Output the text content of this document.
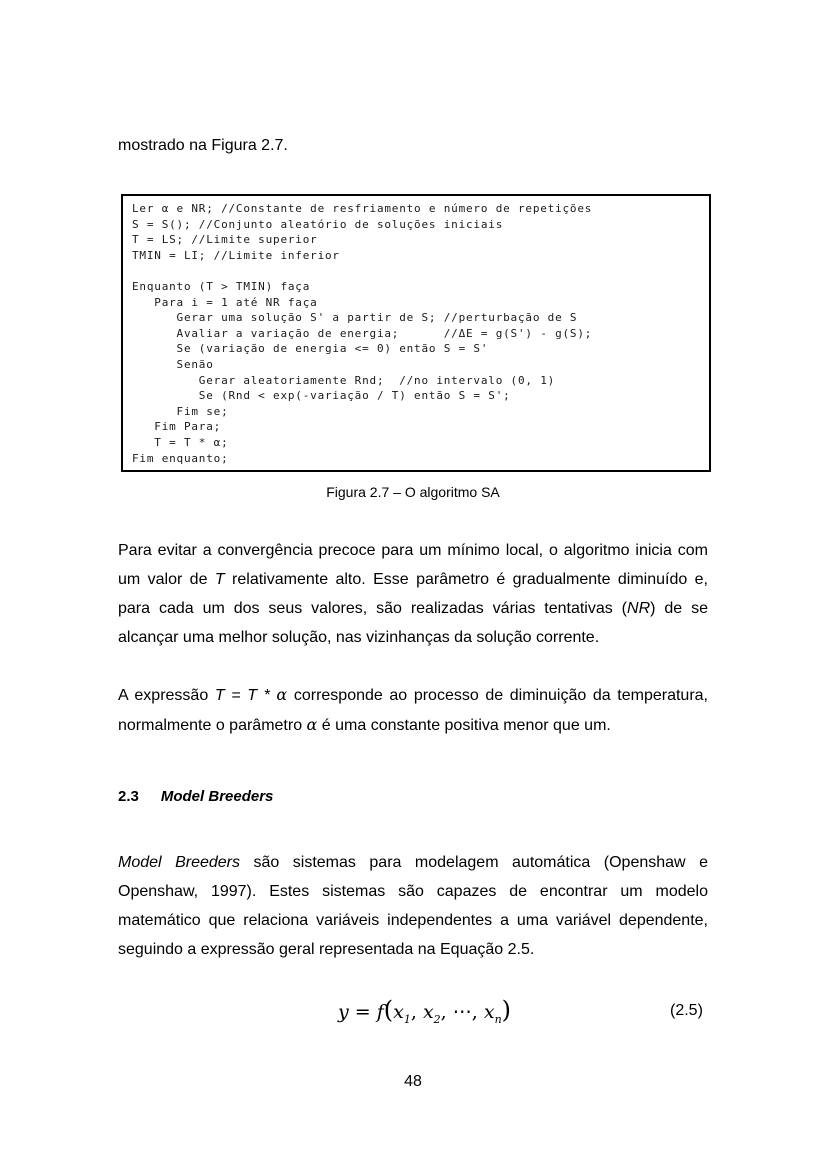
mostrado na Figura 2.7.
Ler α e NR; //Constante de resfriamento e número de repetições
S = S(); //Conjunto aleatório de soluções iniciais
T = LS; //Limite superior
TMIN = LI; //Limite inferior

Enquanto (T > TMIN) faça
Para i = 1 até NR faça
Gerar uma solução S' a partir de S; //perturbação de S
Avaliar a variação de energia;      //ΔE = g(S') - g(S);
Se (variação de energia <= 0) então S = S'
Senão
Gerar aleatoriamente Rnd;  //no intervalo (0, 1)
Se (Rnd < exp(-variação / T) então S = S';
Fim se;
Fim Para;
T = T * α;
Fim enquanto;
Figura 2.7 – O algoritmo SA
Para evitar a convergência precoce para um mínimo local, o algoritmo inicia com um valor de T relativamente alto. Esse parâmetro é gradualmente diminuído e, para cada um dos seus valores, são realizadas várias tentativas (NR) de se alcançar uma melhor solução, nas vizinhanças da solução corrente.
A expressão T = T * α corresponde ao processo de diminuição da temperatura, normalmente o parâmetro α é uma constante positiva menor que um.
2.3 Model Breeders
Model Breeders são sistemas para modelagem automática (Openshaw e Openshaw, 1997). Estes sistemas são capazes de encontrar um modelo matemático que relaciona variáveis independentes a uma variável dependente, seguindo a expressão geral representada na Equação 2.5.
$y = f(x_1$, $x_2$, ⋯, $x_n$)	(2.5)
48
